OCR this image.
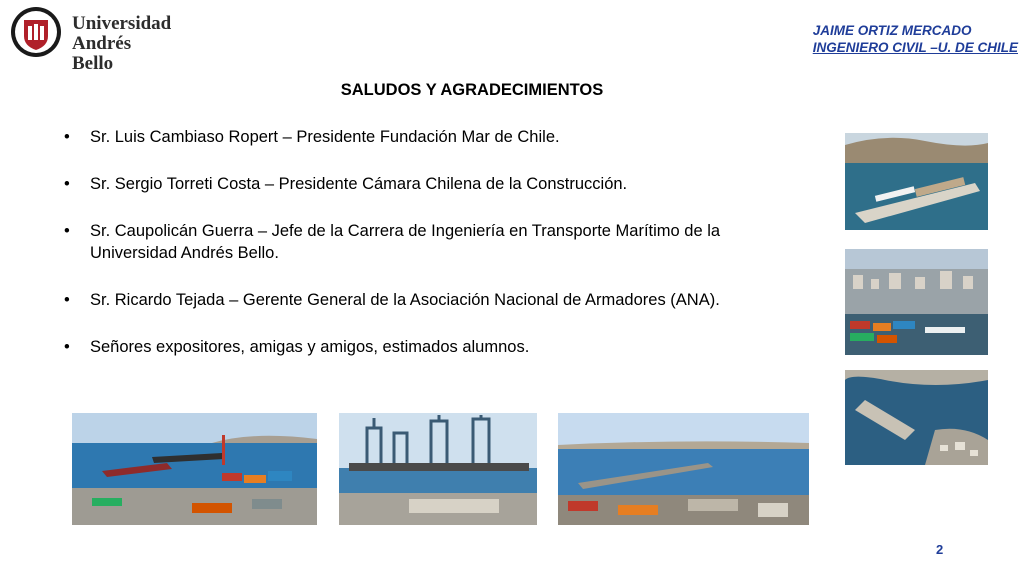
Universidad
Andrés Bello
JAIME ORTIZ MERCADO
INGENIERO CIVIL –U. DE CHILE
SALUDOS Y AGRADECIMIENTOS
• Sr. Luis Cambiaso Ropert – Presidente Fundación Mar de Chile.
• Sr. Sergio Torreti Costa – Presidente Cámara Chilena de la Construcción.
• Sr. Caupolicán Guerra – Jefe de la Carrera de Ingeniería en Transporte Marítimo de la Universidad Andrés Bello.
• Sr. Ricardo Tejada – Gerente General de la Asociación Nacional de Armadores (ANA).
• Señores expositores, amigas y amigos, estimados alumnos.
2
